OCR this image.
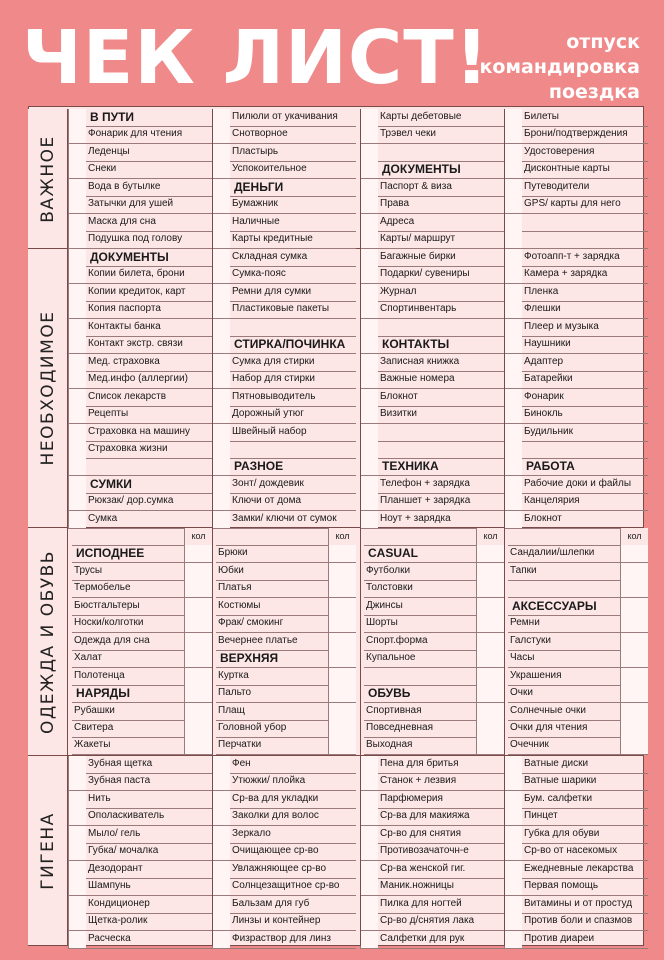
ЧЕК ЛИСТ!	отпуск
командировка
поездка
ВАЖНОЕ
В ПУТИ
Фонарик для чтения
Леденцы
Снеки
Вода в бутылке
Затычки для ушей
Маска для сна
Подушка под голову
Пилюли от укачивания
Снотворное
Пластырь
Успокоительное
ДЕНЬГИ
Бумажник
Наличные
Карты кредитные
Карты дебетовые
Трэвел чеки
ДОКУМЕНТЫ
Паспорт & виза
Права
Адреса
Карты/ маршрут
Билеты
Брони/подтверждения
Удостоверения
Дисконтные карты
Путеводители
GPS/ карты для него
НЕОБХОДИМОЕ
ДОКУМЕНТЫ
Копии билета, брони
Копии кредиток, карт
Копия паспорта
Контакты банка
Контакт экстр. связи
Мед. страховка
Мед.инфо (аллергии)
Список лекарств
Рецепты
Страховка на машину
Страховка жизни
СУМКИ
Рюкзак/ дор.сумка
Сумка
Складная сумка
Сумка-пояс
Ремни для сумки
Пластиковые пакеты
СТИРКА/ПОЧИНКА
Сумка для стирки
Набор для стирки
Пятновыводитель
Дорожный утюг
Швейный набор
РАЗНОЕ
Зонт/ дождевик
Ключи от дома
Замки/ ключи от сумок
Багажные бирки
Подарки/ сувениры
Журнал
Спортинвентарь
КОНТАКТЫ
Записная книжка
Важные номера
Блокнот
Визитки
ТЕХНИКА
Телефон + зарядка
Планшет + зарядка
Ноут + зарядка
Фотоапп-т + зарядка
Камера + зарядка
Пленка
Флешки
Плеер и музыка
Наушники
Адаптер
Батарейки
Фонарик
Бинокль
Будильник
РАБОТА
Рабочие доки и файлы
Канцелярия
Блокнот
ОДЕЖДА И ОБУВЬ
кол
ИСПОДНЕЕ
Трусы
Термобелье
Бюстгальтеры
Носки/колготки
Одежда для сна
Халат
Полотенца
НАРЯДЫ
Рубашки
Свитера
Жакеты
кол
Брюки
Юбки
Платья
Костюмы
Фрак/ смокинг
Вечернее платье
ВЕРХНЯЯ
Куртка
Пальто
Плащ
Головной убор
Перчатки
кол
CASUAL
Футболки
Толстовки
Джинсы
Шорты
Спорт.форма
Купальное
ОБУВЬ
Спортивная
Повседневная
Выходная
кол
Сандалии/шлепки
Тапки
АКСЕССУАРЫ
Ремни
Галстуки
Часы
Украшения
Очки
Солнечные очки
Очки для чтения
Очечник
ГИГЕНА
Зубная щетка
Зубная паста
Нить
Ополаскиватель
Мыло/ гель
Губка/ мочалка
Дезодорант
Шампунь
Кондиционер
Щетка-ролик
Расческа
Фен
Утюжки/ плойка
Ср-ва для укладки
Заколки для волос
Зеркало
Очищающее ср-во
Увлажняющее ср-во
Солнцезащитное ср-во
Бальзам для губ
Линзы и контейнер
Физраствор для линз
Пена для бритья
Станок + лезвия
Парфюмерия
Ср-ва для макияжа
Ср-во для снятия
Противозачаточн-е
Ср-ва женской гиг.
Маник.ножницы
Пилка для ногтей
Ср-во д/снятия лака
Салфетки для рук
Ватные диски
Ватные шарики
Бум. салфетки
Пинцет
Губка для обуви
Ср-во от насекомых
Ежедневные лекарства
Первая помощь
Витамины и от простуд
Против боли и спазмов
Против диареи
